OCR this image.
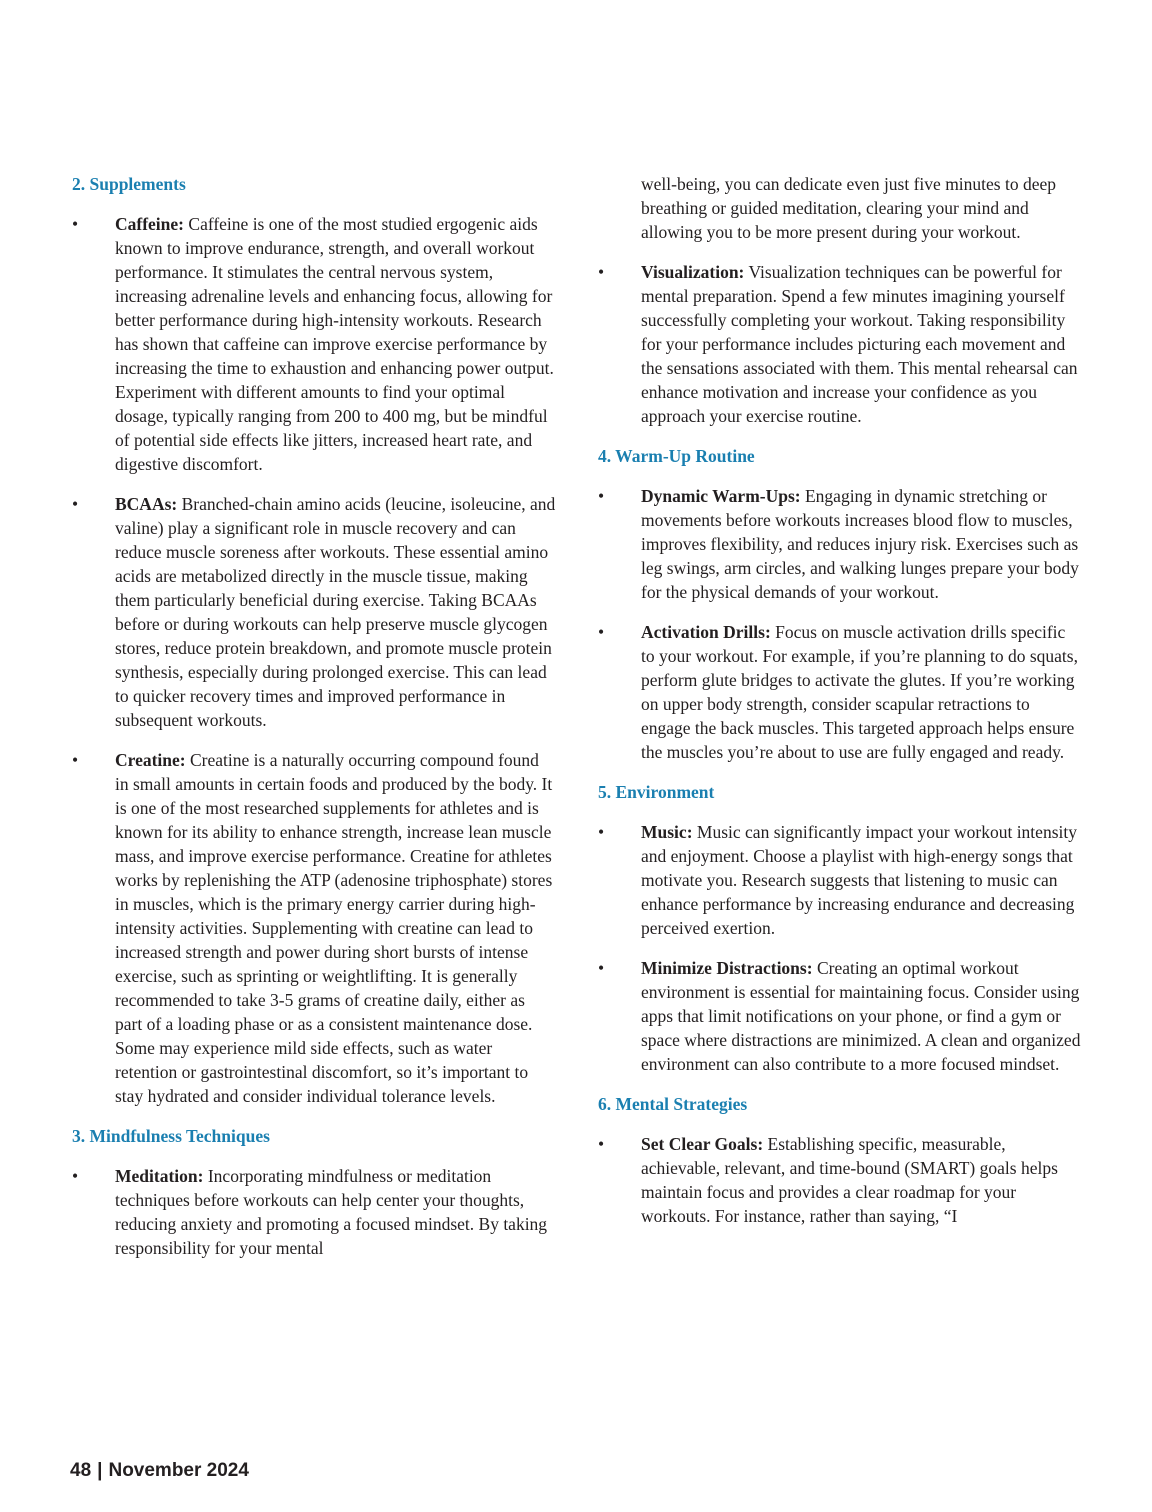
2. Supplements
• Caffeine: Caffeine is one of the most studied ergogenic aids known to improve endurance, strength, and overall workout performance. It stimulates the central nervous system, increasing adrenaline levels and enhancing focus, allowing for better performance during high-intensity workouts. Research has shown that caffeine can improve exercise performance by increasing the time to exhaustion and enhancing power output. Experiment with different amounts to find your optimal dosage, typically ranging from 200 to 400 mg, but be mindful of potential side effects like jitters, increased heart rate, and digestive discomfort.
• BCAAs: Branched-chain amino acids (leucine, isoleucine, and valine) play a significant role in muscle recovery and can reduce muscle soreness after workouts. These essential amino acids are metabolized directly in the muscle tissue, making them particularly beneficial during exercise. Taking BCAAs before or during workouts can help preserve muscle glycogen stores, reduce protein breakdown, and promote muscle protein synthesis, especially during prolonged exercise. This can lead to quicker recovery times and improved performance in subsequent workouts.
• Creatine: Creatine is a naturally occurring compound found in small amounts in certain foods and produced by the body. It is one of the most researched supplements for athletes and is known for its ability to enhance strength, increase lean muscle mass, and improve exercise performance. Creatine for athletes works by replenishing the ATP (adenosine triphosphate) stores in muscles, which is the primary energy carrier during high-intensity activities. Supplementing with creatine can lead to increased strength and power during short bursts of intense exercise, such as sprinting or weightlifting. It is generally recommended to take 3-5 grams of creatine daily, either as part of a loading phase or as a consistent maintenance dose. Some may experience mild side effects, such as water retention or gastrointestinal discomfort, so it’s important to stay hydrated and consider individual tolerance levels.
3. Mindfulness Techniques
• Meditation: Incorporating mindfulness or meditation techniques before workouts can help center your thoughts, reducing anxiety and promoting a focused mindset. By taking responsibility for your mental
well-being, you can dedicate even just five minutes to deep breathing or guided meditation, clearing your mind and allowing you to be more present during your workout.
• Visualization: Visualization techniques can be powerful for mental preparation. Spend a few minutes imagining yourself successfully completing your workout. Taking responsibility for your performance includes picturing each movement and the sensations associated with them. This mental rehearsal can enhance motivation and increase your confidence as you approach your exercise routine.
4. Warm-Up Routine
• Dynamic Warm-Ups: Engaging in dynamic stretching or movements before workouts increases blood flow to muscles, improves flexibility, and reduces injury risk. Exercises such as leg swings, arm circles, and walking lunges prepare your body for the physical demands of your workout.
• Activation Drills: Focus on muscle activation drills specific to your workout. For example, if you’re planning to do squats, perform glute bridges to activate the glutes. If you’re working on upper body strength, consider scapular retractions to engage the back muscles. This targeted approach helps ensure the muscles you’re about to use are fully engaged and ready.
5. Environment
• Music: Music can significantly impact your workout intensity and enjoyment. Choose a playlist with high-energy songs that motivate you. Research suggests that listening to music can enhance performance by increasing endurance and decreasing perceived exertion.
• Minimize Distractions: Creating an optimal workout environment is essential for maintaining focus. Consider using apps that limit notifications on your phone, or find a gym or space where distractions are minimized. A clean and organized environment can also contribute to a more focused mindset.
6. Mental Strategies
• Set Clear Goals: Establishing specific, measurable, achievable, relevant, and time-bound (SMART) goals helps maintain focus and provides a clear roadmap for your workouts. For instance, rather than saying, “I
48 | November 2024
